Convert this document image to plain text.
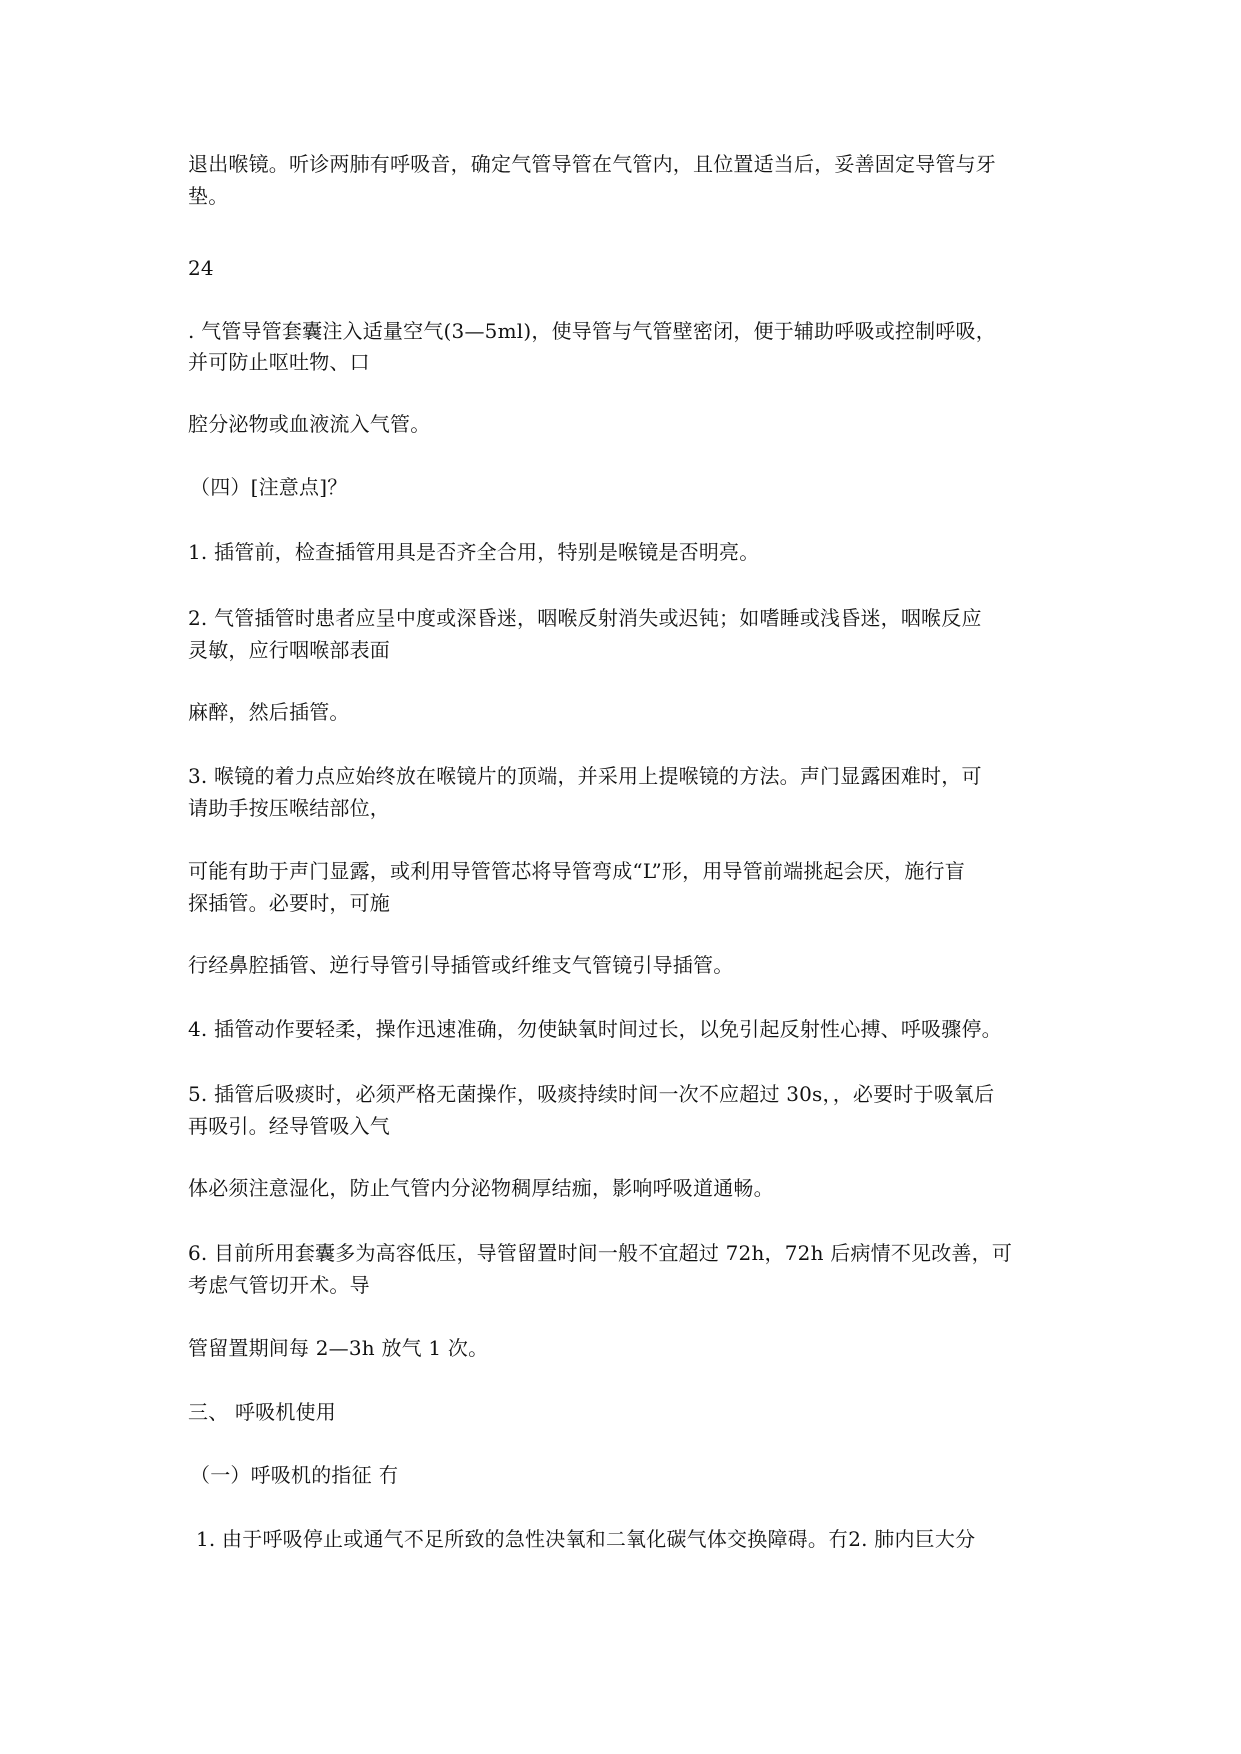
退出喉镜。听诊两肺有呼吸音，确定气管导管在气管内，且位置适当后，妥善固定导管与牙

垫。

24

. 气管导管套囊注入适量空气(3—5ml)，使导管与气管壁密闭，便于辅助呼吸或控制呼吸，

并可防止呕吐物、口

腔分泌物或血液流入气管。

（四）[注意点]？

1. 插管前，检查插管用具是否齐全合用，特别是喉镜是否明亮。

2. 气管插管时患者应呈中度或深昏迷，咽喉反射消失或迟钝；如嗜睡或浅昏迷，咽喉反应

灵敏，应行咽喉部表面

麻醉，然后插管。

3. 喉镜的着力点应始终放在喉镜片的顶端，并采用上提喉镜的方法。声门显露困难时，可

请助手按压喉结部位，

可能有助于声门显露，或利用导管管芯将导管弯成“L”形，用导管前端挑起会厌，施行盲

探插管。必要时，可施

行经鼻腔插管、逆行导管引导插管或纤维支气管镜引导插管。

4. 插管动作要轻柔，操作迅速准确，勿使缺氧时间过长，以免引起反射性心搏、呼吸骤停。

5. 插管后吸痰时，必须严格无菌操作，吸痰持续时间一次不应超过 30s，，必要时于吸氧后

再吸引。经导管吸入气

体必须注意湿化，防止气管内分泌物稠厚结痂，影响呼吸道通畅。

6. 目前所用套囊多为高容低压，导管留置时间一般不宜超过 72h，72h 后病情不见改善，可

考虑气管切开术。导

管留置期间每 2—3h 放气 1 次。

三、 呼吸机使用

（一）呼吸机的指征 冇

1. 由于呼吸停止或通气不足所致的急性决氧和二氧化碳气体交换障碍。冇2. 肺内巨大分
